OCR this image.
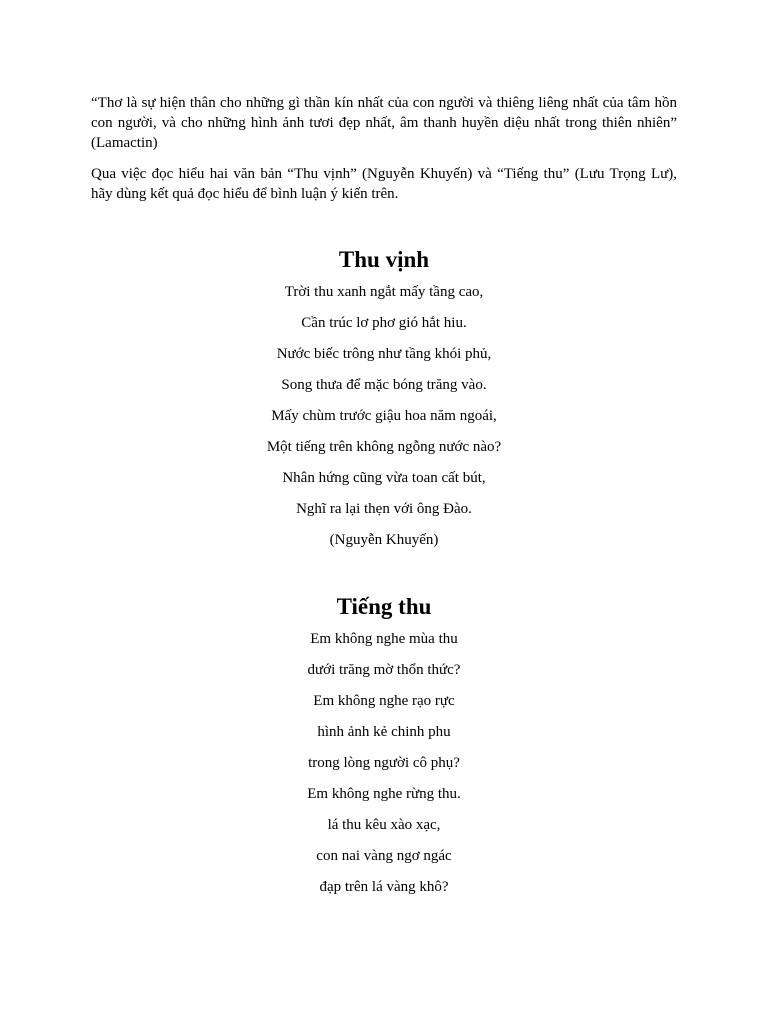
“Thơ là sự hiện thân cho những gì thần kín nhất của con người và thiêng liêng nhất của tâm hồn con người, và cho những hình ảnh tươi đẹp nhất, âm thanh huyền diệu nhất trong thiên nhiên” (Lamactin)

Qua việc đọc hiểu hai văn bản “Thu vịnh” (Nguyễn Khuyến) và “Tiếng thu” (Lưu Trọng Lư), hãy dùng kết quả đọc hiểu để bình luận ý kiến trên.

Thu vịnh

Trời thu xanh ngắt mấy tầng cao,

Cần trúc lơ phơ gió hắt hiu.

Nước biếc trông như tầng khói phủ,

Song thưa để mặc bóng trăng vào.

Mấy chùm trước giậu hoa năm ngoái,

Một tiếng trên không ngỗng nước nào?

Nhân hứng cũng vừa toan cất bút,

Nghĩ ra lại thẹn với ông Đào.

(Nguyễn Khuyến)

Tiếng thu

Em không nghe mùa thu

dưới trăng mờ thổn thức?

Em không nghe rạo rực

hình ảnh kẻ chinh phu

trong lòng người cô phụ?

Em không nghe rừng thu.

lá thu kêu xào xạc,

con nai vàng ngơ ngác

đạp trên lá vàng khô?
